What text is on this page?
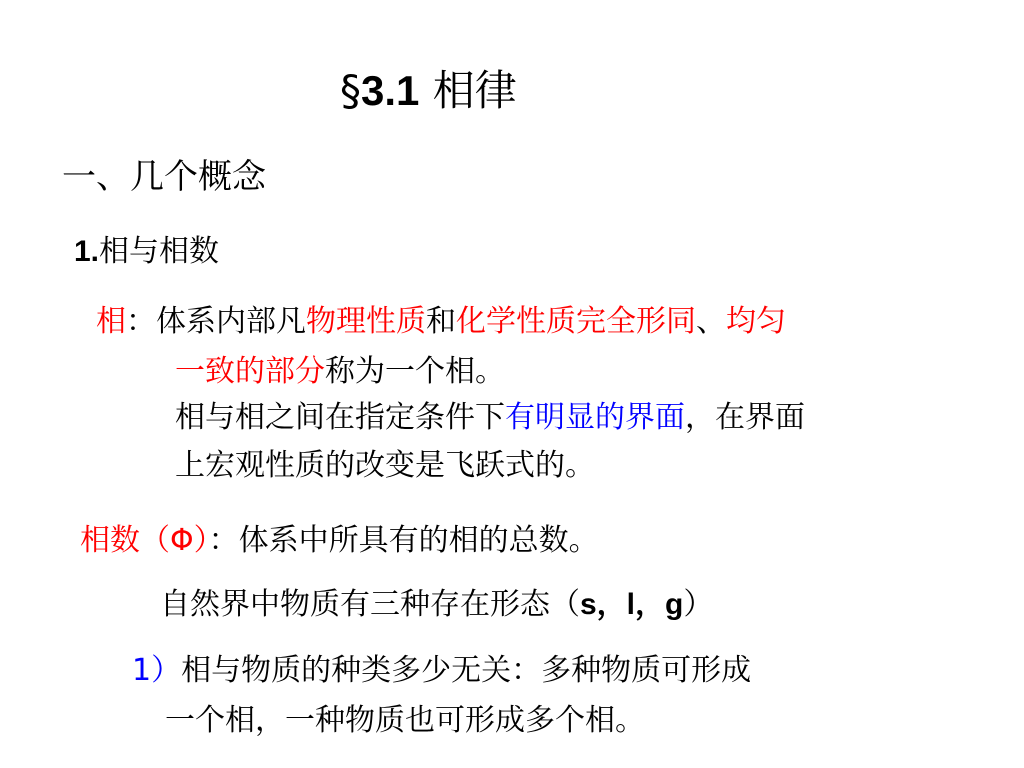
§3.1 相律
一、几个概念
1.相与相数
相：体系内部凡物理性质和化学性质完全形同、均匀
一致的部分称为一个相。
相与相之间在指定条件下有明显的界面，在界面
上宏观性质的改变是飞跃式的。
相数（Φ）：体系中所具有的相的总数。
自然界中物质有三种存在形态（s，l，g）
1）相与物质的种类多少无关：多种物质可形成
一个相，一种物质也可形成多个相。
